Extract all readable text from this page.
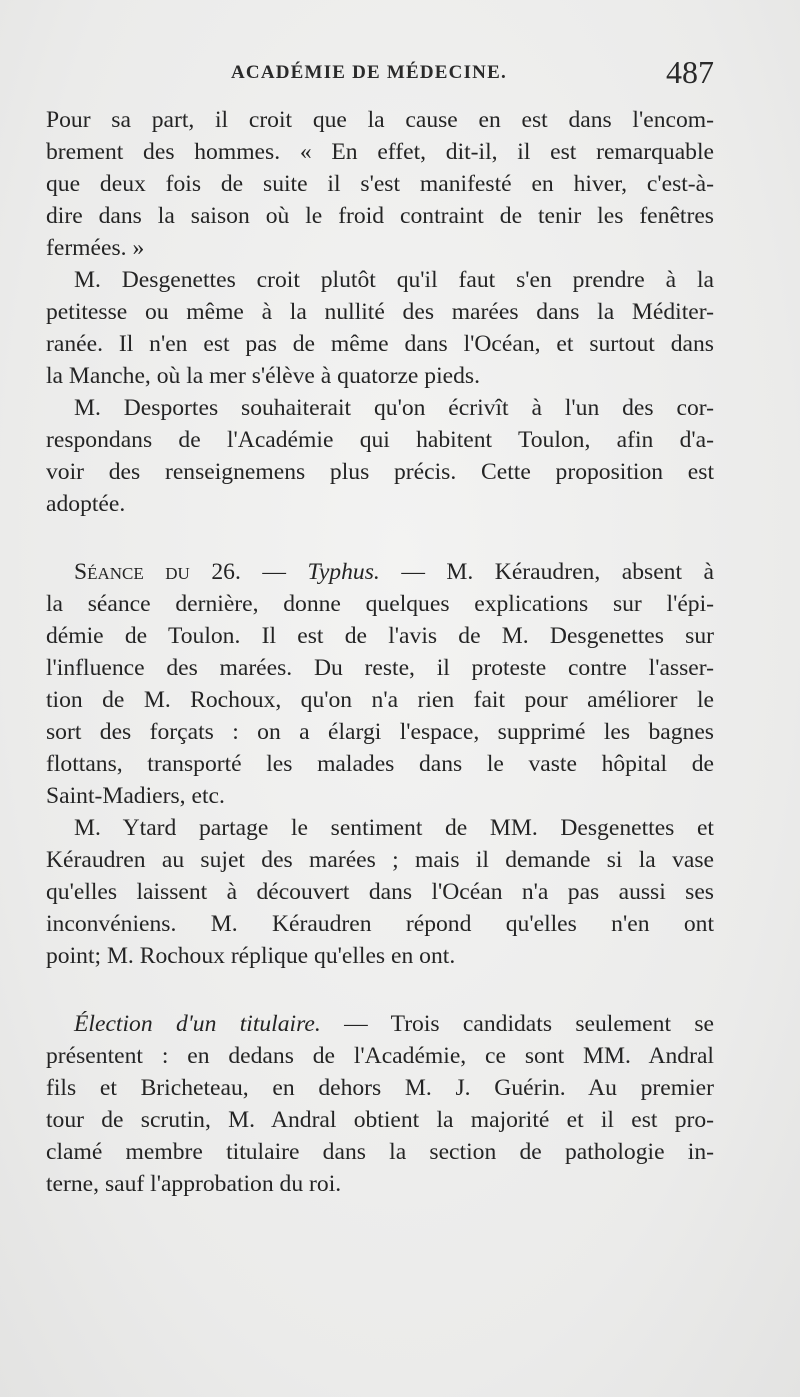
ACADÉMIE DE MÉDECINE.	487
Pour sa part, il croit que la cause en est dans l'encom-
brement des hommes. « En effet, dit-il, il est remarquable
que deux fois de suite il s'est manifesté en hiver, c'est-à-
dire dans la saison où le froid contraint de tenir les fenêtres
fermées. »
M. Desgenettes croit plutôt qu'il faut s'en prendre à la
petitesse ou même à la nullité des marées dans la Méditer-
ranée. Il n'en est pas de même dans l'Océan, et surtout dans
la Manche, où la mer s'élève à quatorze pieds.
M. Desportes souhaiterait qu'on écrivît à l'un des cor-
respondans de l'Académie qui habitent Toulon, afin d'a-
voir des renseignemens plus précis. Cette proposition est
adoptée.
Séance du 26. — Typhus. — M. Kéraudren, absent à
la séance dernière, donne quelques explications sur l'épi-
démie de Toulon. Il est de l'avis de M. Desgenettes sur
l'influence des marées. Du reste, il proteste contre l'asser-
tion de M. Rochoux, qu'on n'a rien fait pour améliorer le
sort des forçats : on a élargi l'espace, supprimé les bagnes
flottans, transporté les malades dans le vaste hôpital de
Saint-Madiers, etc.
M. Ytard partage le sentiment de MM. Desgenettes et
Kéraudren au sujet des marées ; mais il demande si la vase
qu'elles laissent à découvert dans l'Océan n'a pas aussi ses
inconvéniens. M. Kéraudren répond qu'elles n'en ont
point; M. Rochoux réplique qu'elles en ont.
Élection d'un titulaire. — Trois candidats seulement se
présentent : en dedans de l'Académie, ce sont MM. Andral
fils et Bricheteau, en dehors M. J. Guérin. Au premier
tour de scrutin, M. Andral obtient la majorité et il est pro-
clamé membre titulaire dans la section de pathologie in-
terne, sauf l'approbation du roi.
